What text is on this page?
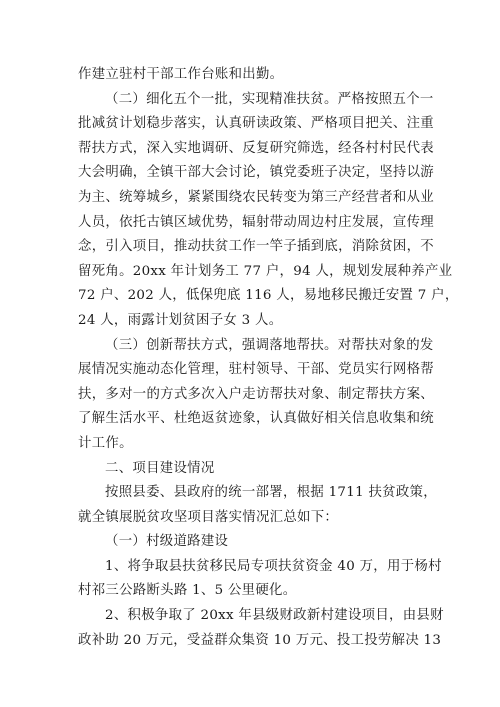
作建立驻村干部工作台账和出勤。
（二）细化五个一批，实现精准扶贫。严格按照五个一
批减贫计划稳步落实，认真研读政策、严格项目把关、注重
帮扶方式，深入实地调研、反复研究筛选，经各村村民代表
大会明确，全镇干部大会讨论，镇党委班子决定，坚持以游
为主、统筹城乡，紧紧围绕农民转变为第三产经营者和从业
人员，依托古镇区域优势，辐射带动周边村庄发展，宣传理
念，引入项目，推动扶贫工作一竿子插到底，消除贫困，不
留死角。20xx 年计划务工 77 户，94 人，规划发展种养产业
72 户、202 人，低保兜底 116 人，易地移民搬迁安置 7 户，
24 人，雨露计划贫困子女 3 人。
（三）创新帮扶方式，强调落地帮扶。对帮扶对象的发
展情况实施动态化管理，驻村领导、干部、党员实行网格帮
扶，多对一的方式多次入户走访帮扶对象、制定帮扶方案、
了解生活水平、杜绝返贫迹象，认真做好相关信息收集和统
计工作。
二、项目建设情况
按照县委、县政府的统一部署，根据 1711 扶贫政策，
就全镇展脱贫攻坚项目落实情况汇总如下：
（一）村级道路建设
1、将争取县扶贫移民局专项扶贫资金 40 万，用于杨村
村祁三公路断头路 1、5 公里硬化。
2、积极争取了 20xx 年县级财政新村建设项目，由县财
政补助 20 万元，受益群众集资 10 万元、投工投劳解决 13
